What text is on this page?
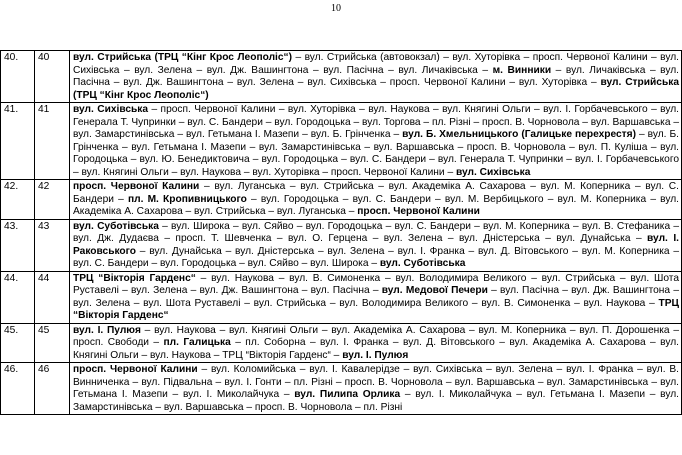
10
40.	40	вул. Стрийська (ТРЦ “Кінг Крос Леополіс“) – вул. Стрийська (автовокзал) – вул. Хуторівка – просп. Червоної Калини – вул. Сихівська – вул. Зелена – вул. Дж. Вашингтона – вул. Пасічна – вул. Личаківська – м. Винники – вул. Личаківська – вул. Пасічна – вул. Дж. Вашингтона – вул. Зелена – вул. Сихівська – просп. Червоної Калини – вул. Хуторівка – вул. Стрийська (ТРЦ “Кінг Крос Леополіс“)
41.	41	вул. Сихівська – просп. Червоної Калини – вул. Хуторівка – вул. Наукова – вул. Княгині Ольги – вул. І. Горбачевського – вул. Генерала Т. Чупринки – вул. С. Бандери – вул. Городоцька – вул. Торгова – пл. Різні – просп. В. Чорновола – вул. Варшавська – вул. Замарстинівська – вул. Гетьмана І. Мазепи – вул. Б. Грінченка – вул. Б. Хмельницького (Галицьке перехрестя) – вул. Б. Грінченка – вул. Гетьмана І. Мазепи – вул. Замарстинівська – вул. Варшавська – просп. В. Чорновола – вул. П. Куліша – вул. Городоцька – вул. Ю. Бенедиктовича – вул. Городоцька – вул. С. Бандери – вул. Генерала Т. Чупринки – вул. І. Горбачевського – вул. Княгині Ольги – вул. Наукова – вул. Хуторівка – просп. Червоної Калини – вул. Сихівська
42.	42	просп. Червоної Калини – вул. Луганська – вул. Стрийська – вул. Академіка А. Сахарова – вул. М. Коперника – вул. С. Бандери – пл. М. Кропивницького – вул. Городоцька – вул. С. Бандери – вул. М. Вербицького – вул. М. Коперника – вул. Академіка А. Сахарова – вул. Стрийська – вул. Луганська – просп. Червоної Калини
43.	43	вул. Суботівська – вул. Широка – вул. Сяйво – вул. Городоцька – вул. С. Бандери – вул. М. Коперника – вул. В. Стефаника – вул. Дж. Дудаєва – просп. Т. Шевченка – вул. О. Герцена – вул. Зелена – вул. Дністерська – вул. Дунайська – вул. І. Раковського – вул. Дунайська – вул. Дністерська – вул. Зелена – вул. І. Франка – вул. Д. Вітовського – вул. М. Коперника – вул. С. Бандери – вул. Городоцька – вул. Сяйво – вул. Широка – вул. Суботівська
44.	44	ТРЦ “Вікторія Гарденс“ – вул. Наукова – вул. В. Симоненка – вул. Володимира Великого – вул. Стрийська – вул. Шота Руставелі – вул. Зелена – вул. Дж. Вашингтона – вул. Пасічна – вул. Медової Печери – вул. Пасічна – вул. Дж. Вашингтона – вул. Зелена – вул. Шота Руставелі – вул. Стрийська – вул. Володимира Великого – вул. В. Симоненка – вул. Наукова – ТРЦ “Вікторія Гарденс“
45.	45	вул. І. Пулюя – вул. Наукова – вул. Княгині Ольги – вул. Академіка А. Сахарова – вул. М. Коперника – вул. П. Дорошенка – просп. Свободи – пл. Галицька – пл. Соборна – вул. І. Франка – вул. Д. Вітовського – вул. Академіка А. Сахарова – вул. Княгині Ольги – вул. Наукова – ТРЦ “Вікторія Гарденс“ – вул. І. Пулюя
46.	46	просп. Червоної Калини – вул. Коломийська – вул. І. Кавалерідзе – вул. Сихівська – вул. Зелена – вул. І. Франка – вул. В. Винниченка – вул. Підвальна – вул. І. Гонти – пл. Різні – просп. В. Чорновола – вул. Варшавська – вул. Замарстинівська – вул. Гетьмана І. Мазепи – вул. І. Миколайчука – вул. Пилипа Орлика – вул. І. Миколайчука – вул. Гетьмана І. Мазепи – вул. Замарстинівська – вул. Варшавська – просп. В. Чорновола – пл. Різні
